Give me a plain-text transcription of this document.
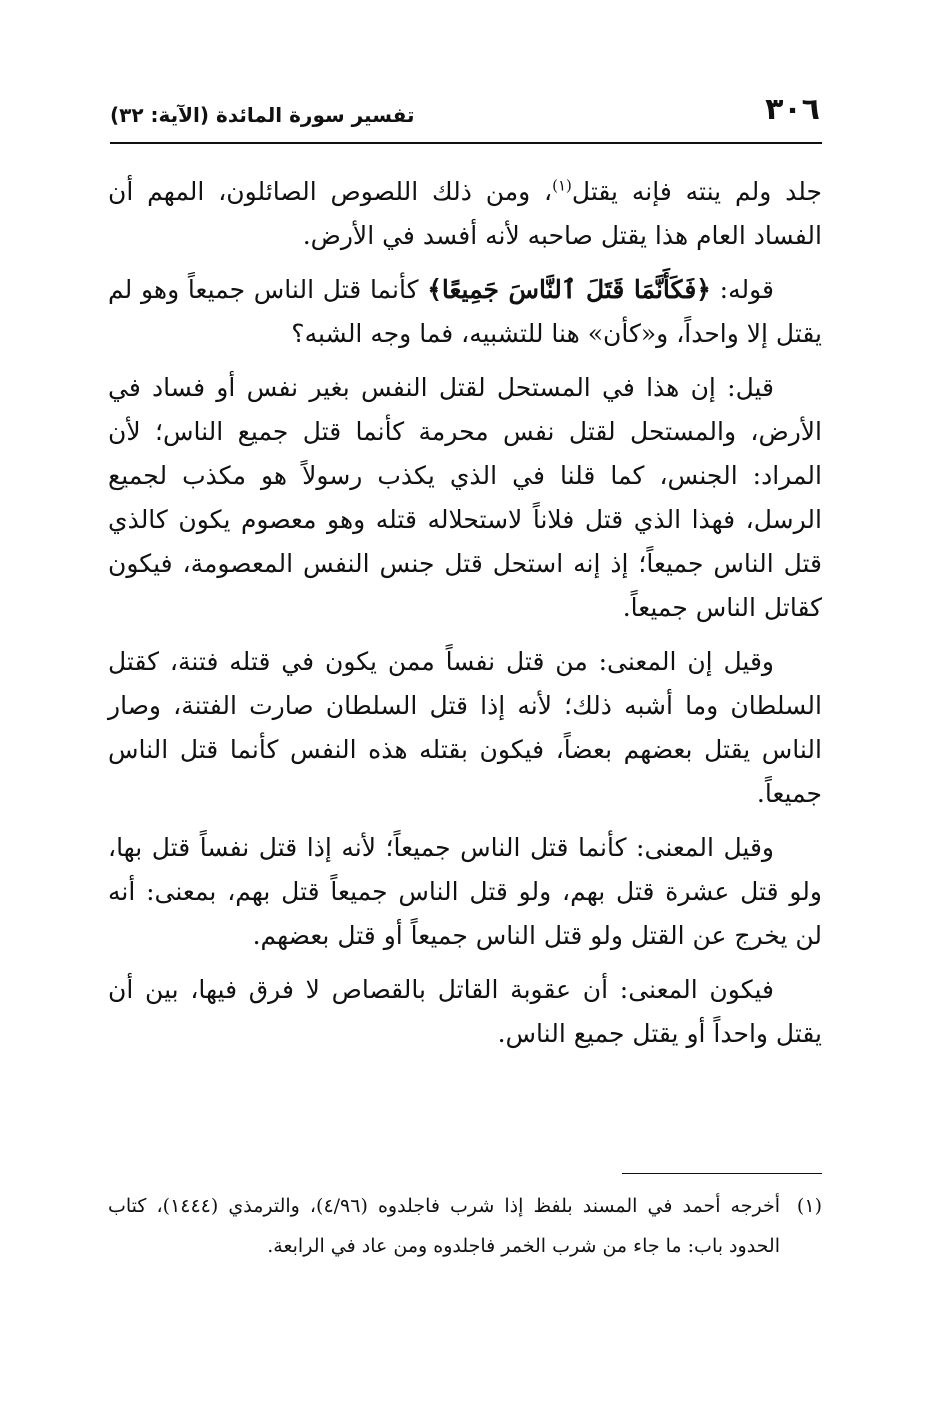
٣٠٦
تفسير سورة المائدة (الآية: ٣٢)

جلد ولم ينته فإنه يقتل$^{(١)}$، ومن ذلك اللصوص الصائلون، المهم أن الفساد العام هذا يقتل صاحبه لأنه أفسد في الأرض.

قوله: ﴿فَكَأَنَّمَا قَتَلَ ٱلنَّاسَ جَمِيعًا﴾ كأنما قتل الناس جميعاً وهو لم يقتل إلا واحداً، و«كأن» هنا للتشبيه، فما وجه الشبه؟

قيل: إن هذا في المستحل لقتل النفس بغير نفس أو فساد في الأرض، والمستحل لقتل نفس محرمة كأنما قتل جميع الناس؛ لأن المراد: الجنس، كما قلنا في الذي يكذب رسولاً هو مكذب لجميع الرسل، فهذا الذي قتل فلاناً لاستحلاله قتله وهو معصوم يكون كالذي قتل الناس جميعاً؛ إذ إنه استحل قتل جنس النفس المعصومة، فيكون كقاتل الناس جميعاً.

وقيل إن المعنى: من قتل نفساً ممن يكون في قتله فتنة، كقتل السلطان وما أشبه ذلك؛ لأنه إذا قتل السلطان صارت الفتنة، وصار الناس يقتل بعضهم بعضاً، فيكون بقتله هذه النفس كأنما قتل الناس جميعاً.

وقيل المعنى: كأنما قتل الناس جميعاً؛ لأنه إذا قتل نفساً قتل بها، ولو قتل عشرة قتل بهم، ولو قتل الناس جميعاً قتل بهم، بمعنى: أنه لن يخرج عن القتل ولو قتل الناس جميعاً أو قتل بعضهم.

فيكون المعنى: أن عقوبة القاتل بالقصاص لا فرق فيها، بين أن يقتل واحداً أو يقتل جميع الناس.

(١)أخرجه أحمد في المسند بلفظ إذا شرب فاجلدوه (٤/٩٦)، والترمذي (١٤٤٤)، كتاب الحدود باب: ما جاء من شرب الخمر فاجلدوه ومن عاد في الرابعة.
